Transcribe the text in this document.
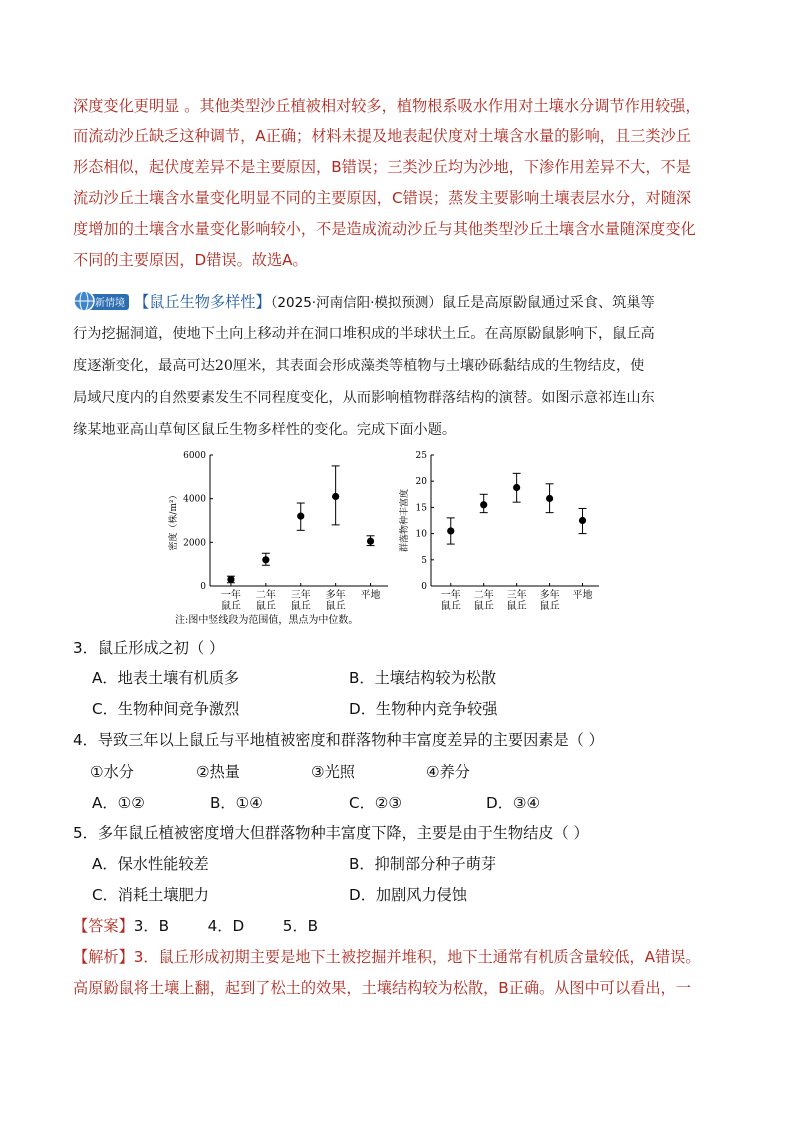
深度变化更明显 。其他类型沙丘植被相对较多，植物根系吸水作用对土壤水分调节作用较强，
而流动沙丘缺乏这种调节，A正确；材料未提及地表起伏度对土壤含水量的影响，且三类沙丘
形态相似，起伏度差异不是主要原因，B错误；三类沙丘均为沙地，下渗作用差异不大，不是
流动沙丘土壤含水量变化明显不同的主要原因，C错误；蒸发主要影响土壤表层水分，对随深
度增加的土壤含水量变化影响较小，不是造成流动沙丘与其他类型沙丘土壤含水量随深度变化
不同的主要原因，D错误。故选A。
新情境 【鼠丘生物多样性】（2025·河南信阳·模拟预测）鼠丘是高原鼢鼠通过采食、筑巢等
行为挖掘洞道，使地下土向上移动并在洞口堆积成的半球状土丘。在高原鼢鼠影响下，鼠丘高
度逐渐变化，最高可达20厘米，其表面会形成藻类等植物与土壤砂砾黏结成的生物结皮，使
局域尺度内的自然要素发生不同程度变化，从而影响植物群落结构的演替。如图示意祁连山东
缘某地亚高山草甸区鼠丘生物多样性的变化。完成下面小题。
0
2000
4000
6000
密度（株/m²）
一年
鼠丘
二年
鼠丘
三年
鼠丘
多年
鼠丘
平地
0
5
10
15
20
25
群落物种丰富度
一年
鼠丘
二年
鼠丘
三年
鼠丘
多年
鼠丘
平地
注:图中竖线段为范围值，黑点为中位数。
3．鼠丘形成之初（ ）
A．地表土壤有机质多	B．土壤结构较为松散
C．生物种间竞争激烈	D．生物种内竞争较强
4．导致三年以上鼠丘与平地植被密度和群落物种丰富度差异的主要因素是（ ）
①水分	②热量	③光照	④养分
A．①②	B．①④	C．②③	D．③④
5．多年鼠丘植被密度增大但群落物种丰富度下降，主要是由于生物结皮（ ）
A．保水性能较差	B．抑制部分种子萌芽
C．消耗土壤肥力	D．加剧风力侵蚀
【答案】3．B        4．D        5．B
【解析】3．鼠丘形成初期主要是地下土被挖掘并堆积，地下土通常有机质含量较低，A错误。
高原鼢鼠将土壤上翻，起到了松土的效果，土壤结构较为松散，B正确。从图中可以看出，一
